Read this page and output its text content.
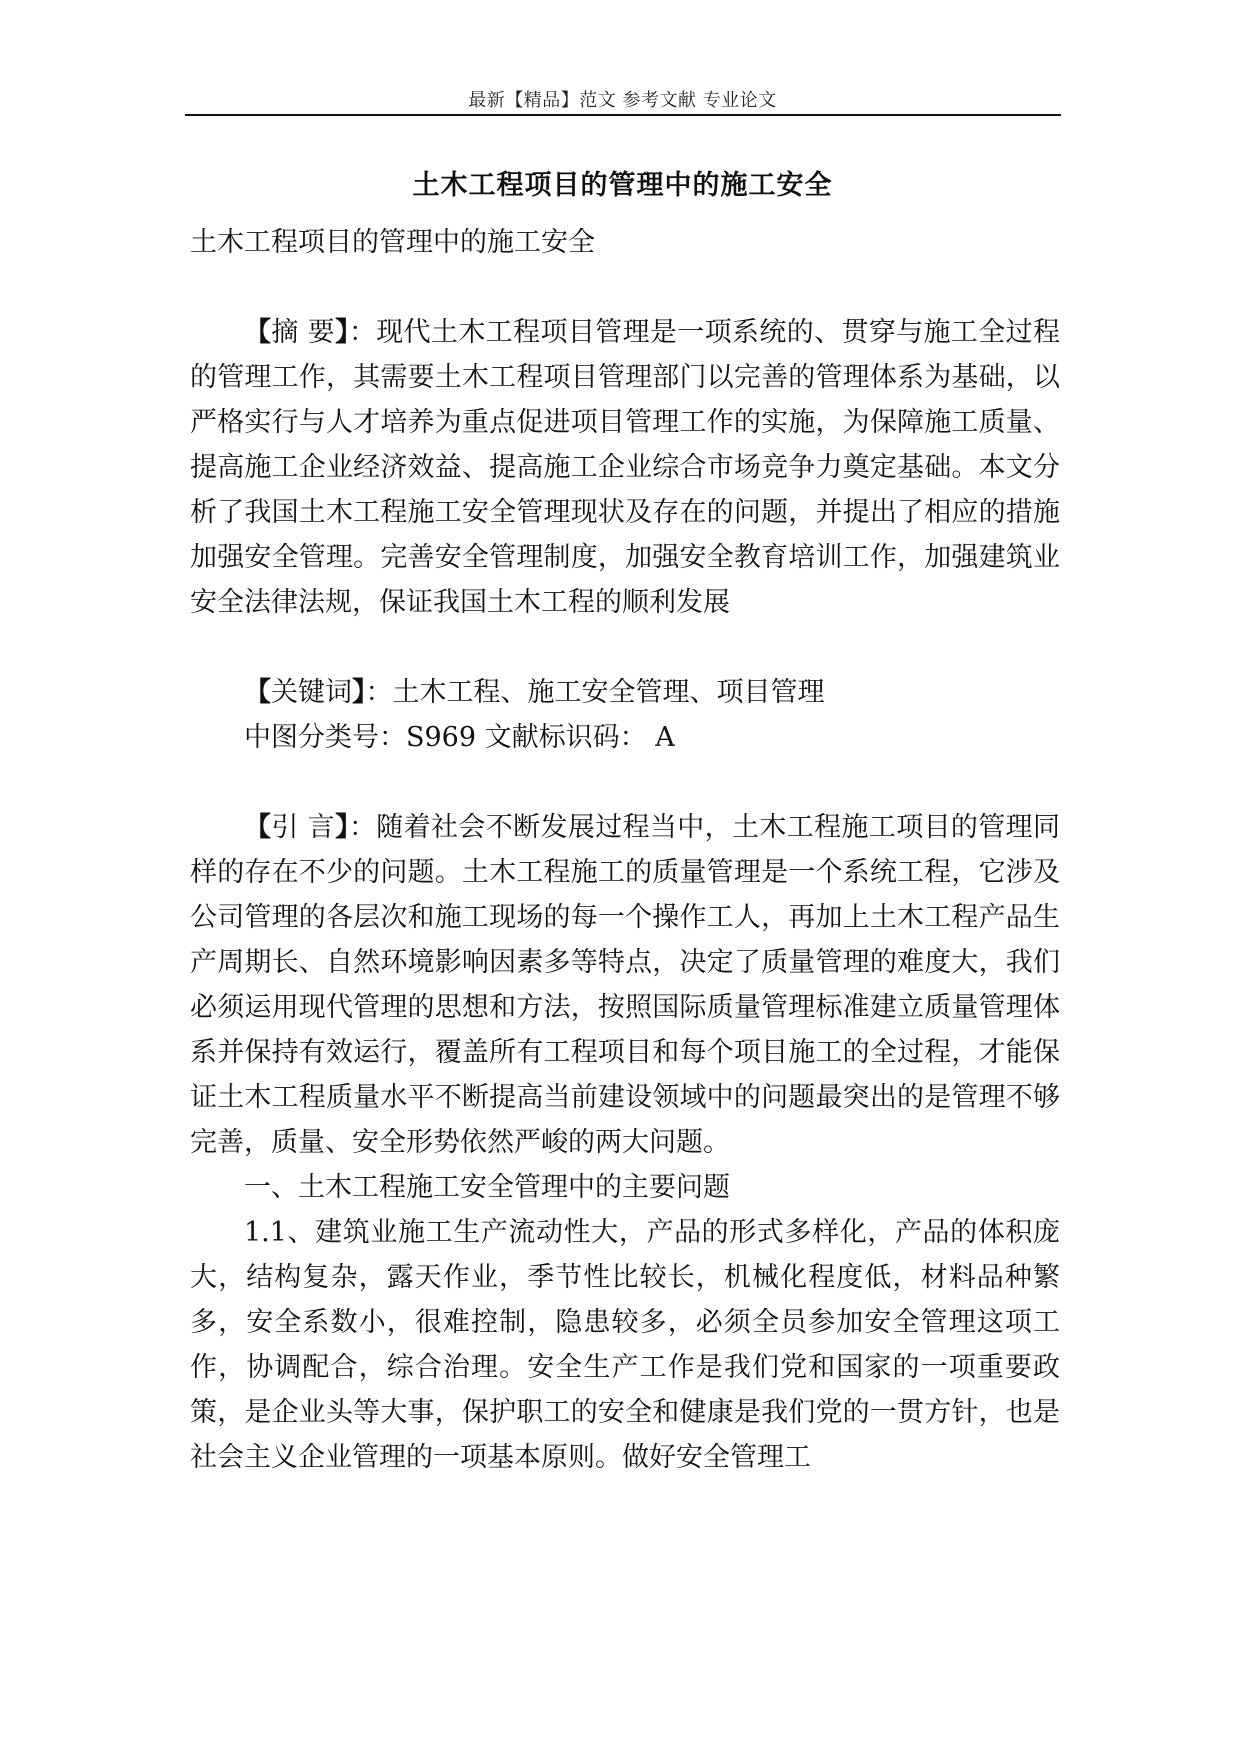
最新【精品】范文 参考文献 专业论文
土木工程项目的管理中的施工安全

土木工程项目的管理中的施工安全

【摘 要】：现代土木工程项目管理是一项系统的、贯穿与施工全过程的管理工作，其需要土木工程项目管理部门以完善的管理体系为基础，以严格实行与人才培养为重点促进项目管理工作的实施，为保障施工质量、提高施工企业经济效益、提高施工企业综合市场竞争力奠定基础。本文分析了我国土木工程施工安全管理现状及存在的问题，并提出了相应的措施加强安全管理。完善安全管理制度，加强安全教育培训工作，加强建筑业安全法律法规，保证我国土木工程的顺利发展

【关键词】：土木工程、施工安全管理、项目管理

中图分类号：S969 文献标识码： A

【引 言】：随着社会不断发展过程当中，土木工程施工项目的管理同样的存在不少的问题。土木工程施工的质量管理是一个系统工程，它涉及公司管理的各层次和施工现场的每一个操作工人，再加上土木工程产品生产周期长、自然环境影响因素多等特点，决定了质量管理的难度大，我们必须运用现代管理的思想和方法，按照国际质量管理标准建立质量管理体系并保持有效运行，覆盖所有工程项目和每个项目施工的全过程，才能保证土木工程质量水平不断提高当前建设领域中的问题最突出的是管理不够完善，质量、安全形势依然严峻的两大问题。

一、土木工程施工安全管理中的主要问题

1.1、建筑业施工生产流动性大，产品的形式多样化，产品的体积庞大，结构复杂，露天作业，季节性比较长，机械化程度低，材料品种繁多，安全系数小，很难控制，隐患较多，必须全员参加安全管理这项工作，协调配合，综合治理。安全生产工作是我们党和国家的一项重要政策，是企业头等大事，保护职工的安全和健康是我们党的一贯方针，也是社会主义企业管理的一项基本原则。做好安全管理工
